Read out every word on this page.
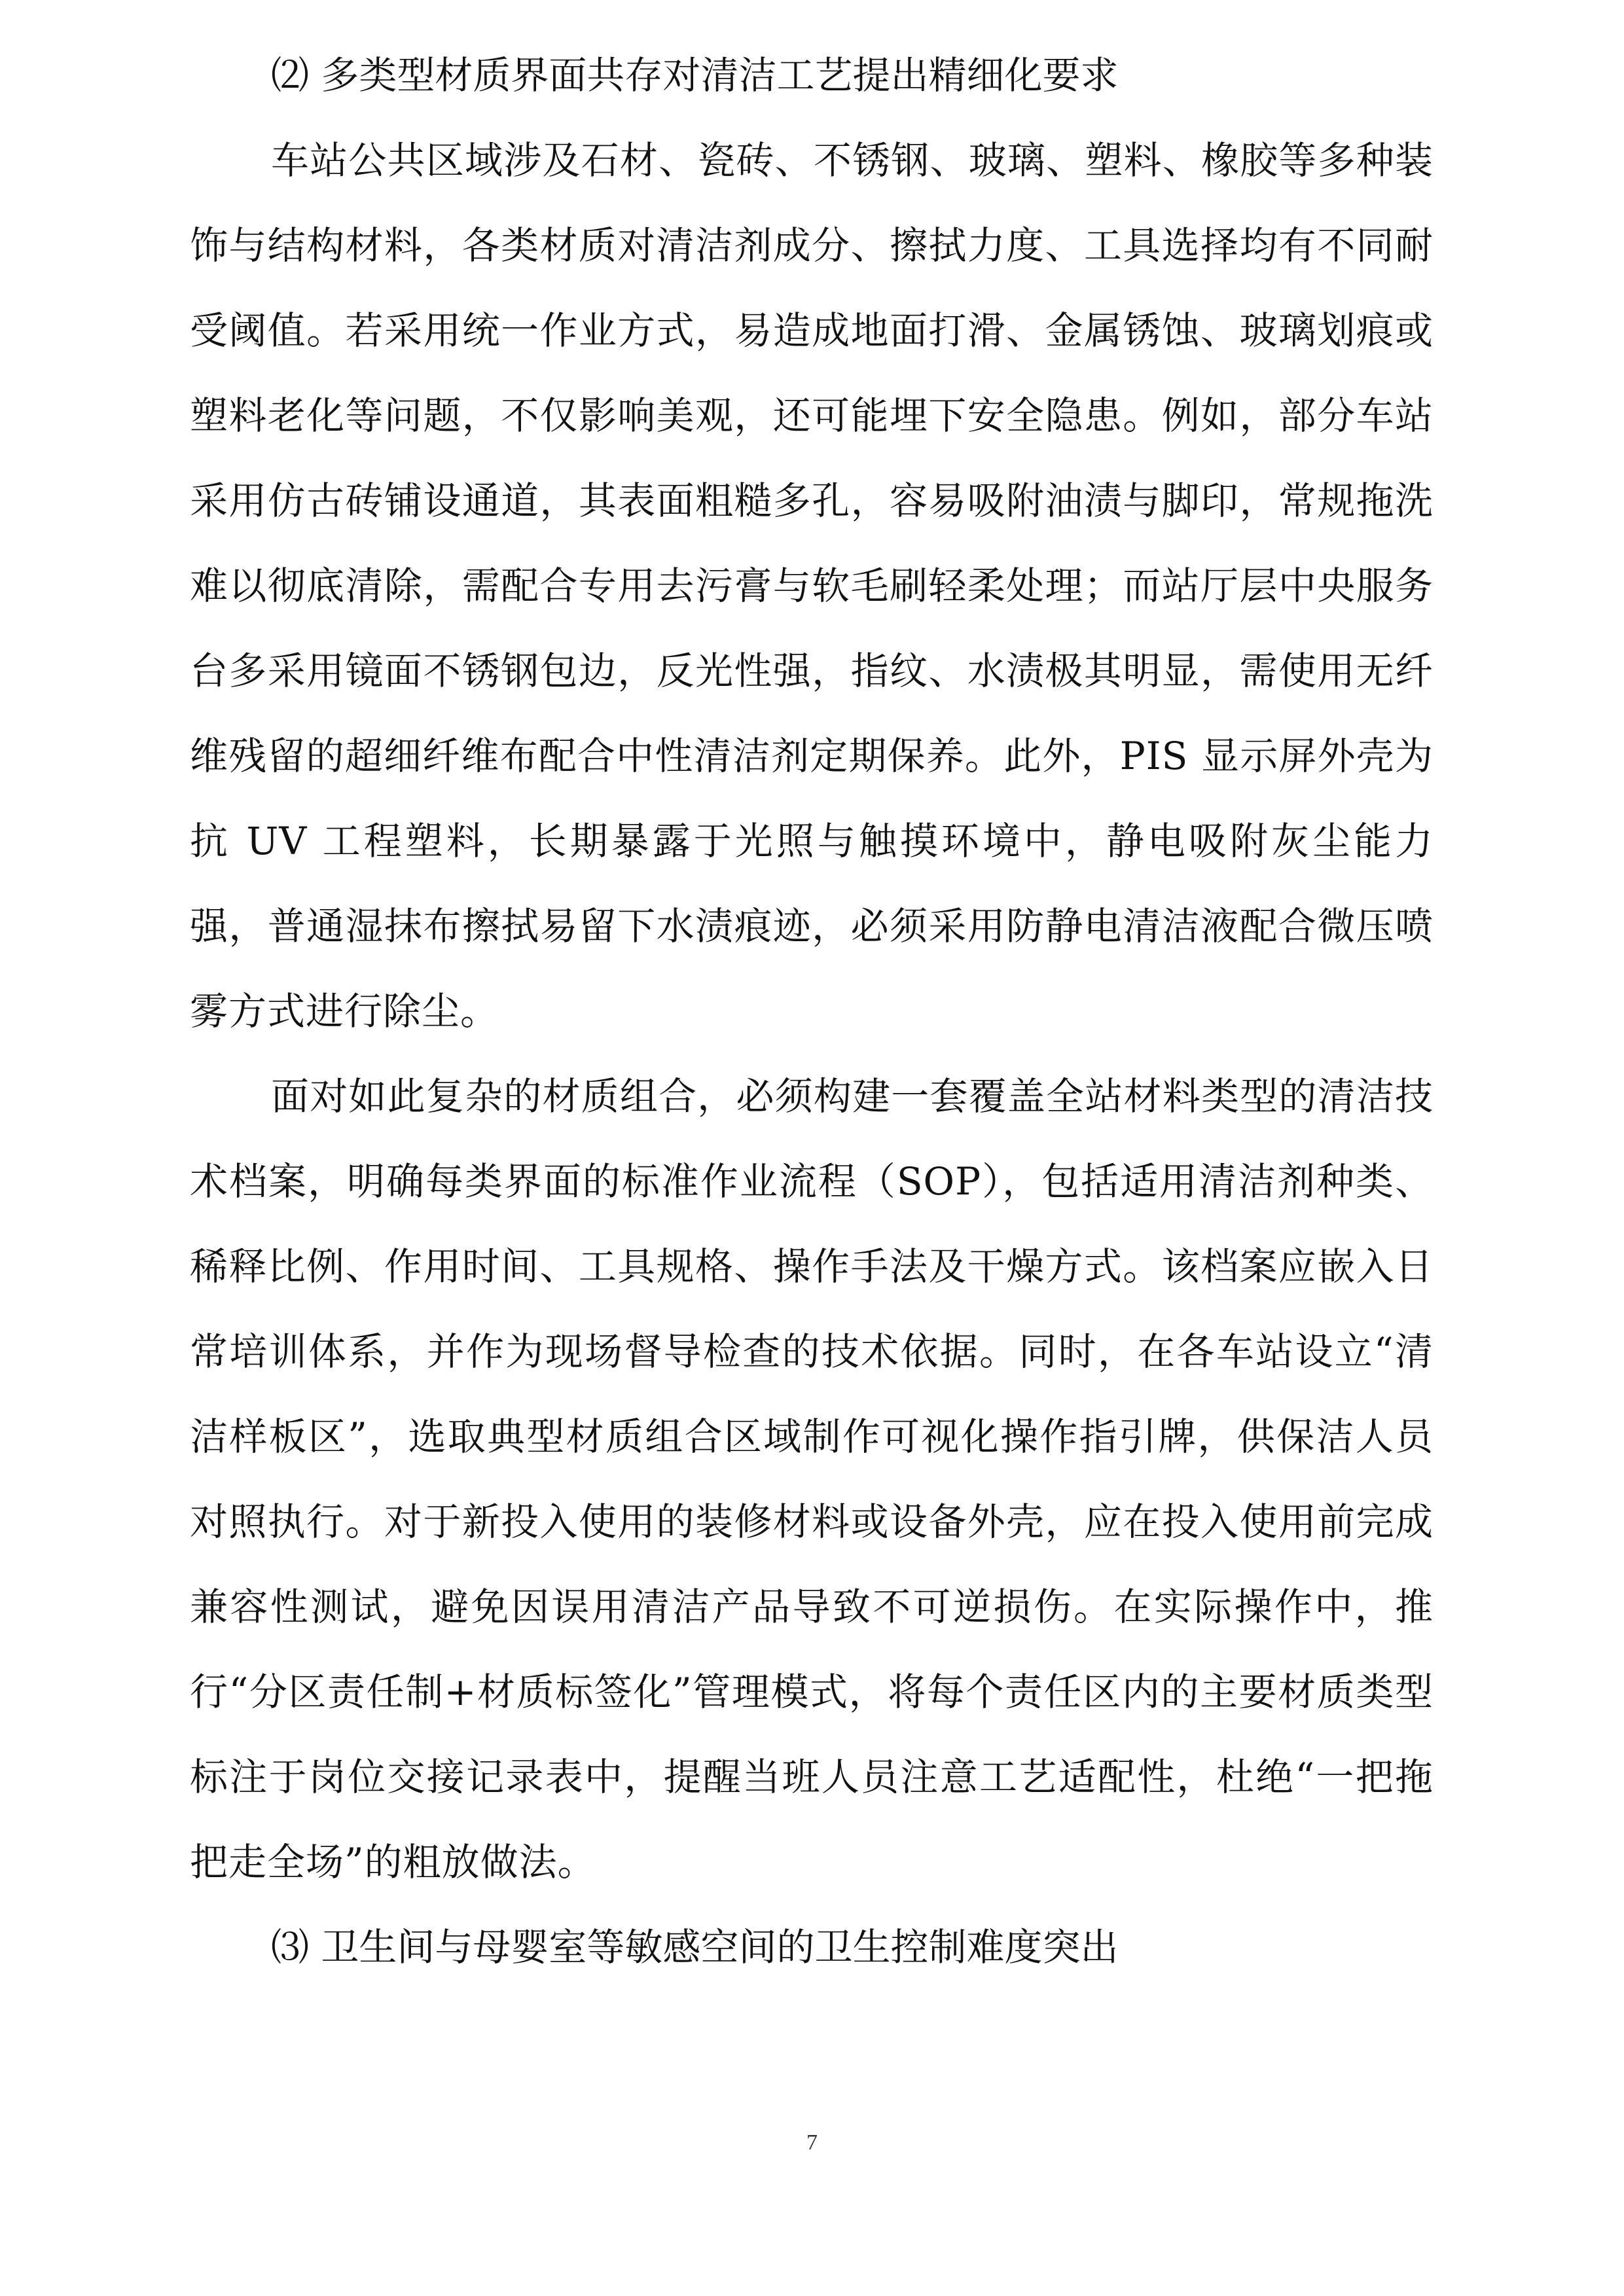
⑵ 多类型材质界面共存对清洁工艺提出精细化要求

车站公共区域涉及石材、瓷砖、不锈钢、玻璃、塑料、橡胶等多种装饰与结构材料，各类材质对清洁剂成分、擦拭力度、工具选择均有不同耐受阈值。若采用统一作业方式，易造成地面打滑、金属锈蚀、玻璃划痕或塑料老化等问题，不仅影响美观，还可能埋下安全隐患。例如，部分车站采用仿古砖铺设通道，其表面粗糙多孔，容易吸附油渍与脚印，常规拖洗难以彻底清除，需配合专用去污膏与软毛刷轻柔处理；而站厅层中央服务台多采用镜面不锈钢包边，反光性强，指纹、水渍极其明显，需使用无纤维残留的超细纤维布配合中性清洁剂定期保养。此外，PIS 显示屏外壳为抗 UV 工程塑料，长期暴露于光照与触摸环境中，静电吸附灰尘能力强，普通湿抹布擦拭易留下水渍痕迹，必须采用防静电清洁液配合微压喷雾方式进行除尘。

面对如此复杂的材质组合，必须构建一套覆盖全站材料类型的清洁技术档案，明确每类界面的标准作业流程（SOP），包括适用清洁剂种类、稀释比例、作用时间、工具规格、操作手法及干燥方式。该档案应嵌入日常培训体系，并作为现场督导检查的技术依据。同时，在各车站设立“清洁样板区”，选取典型材质组合区域制作可视化操作指引牌，供保洁人员对照执行。对于新投入使用的装修材料或设备外壳，应在投入使用前完成兼容性测试，避免因误用清洁产品导致不可逆损伤。在实际操作中，推行“分区责任制+材质标签化”管理模式，将每个责任区内的主要材质类型标注于岗位交接记录表中，提醒当班人员注意工艺适配性，杜绝“一把拖把走全场”的粗放做法。

⑶ 卫生间与母婴室等敏感空间的卫生控制难度突出
7
